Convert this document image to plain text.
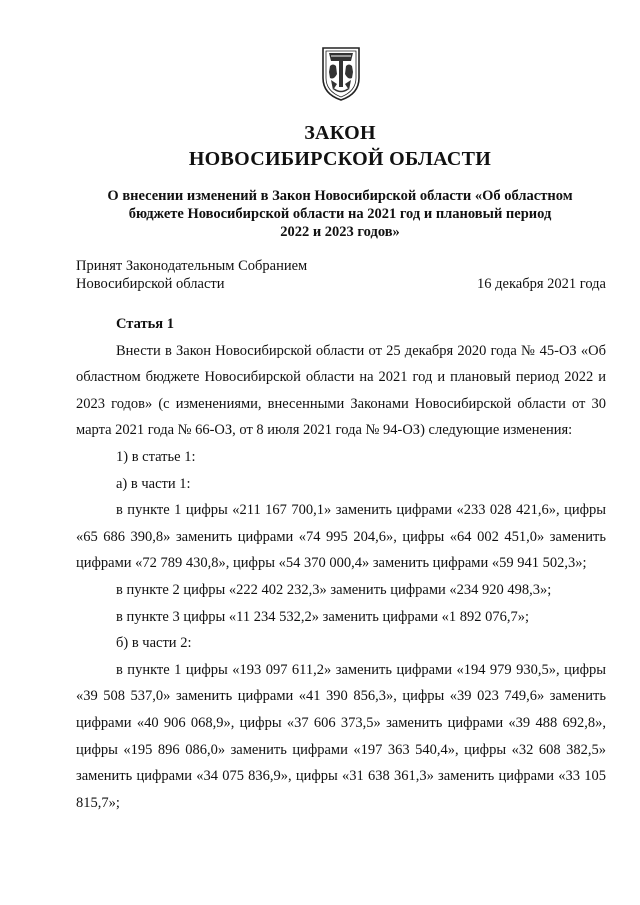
ЗАКОН
НОВОСИБИРСКОЙ ОБЛАСТИ
О внесении изменений в Закон Новосибирской области «Об областном
бюджете Новосибирской области на 2021 год и плановый период
2022 и 2023 годов»
Принят Законодательным Собранием
Новосибирской области	16 декабря 2021 года

Статья 1

Внести в Закон Новосибирской области от 25 декабря 2020 года № 45-ОЗ «Об областном бюджете Новосибирской области на 2021 год и плановый период 2022 и 2023 годов» (с изменениями, внесенными Законами Новосибирской области от 30 марта 2021 года № 66-ОЗ, от 8 июля 2021 года № 94-ОЗ) следующие изменения:

1) в статье 1:

а) в части 1:

в пункте 1 цифры «211 167 700,1» заменить цифрами «233 028 421,6», цифры «65 686 390,8» заменить цифрами «74 995 204,6», цифры «64 002 451,0» заменить цифрами «72 789 430,8», цифры «54 370 000,4» заменить цифрами «59 941 502,3»;

в пункте 2 цифры «222 402 232,3» заменить цифрами «234 920 498,3»;

в пункте 3 цифры «11 234 532,2» заменить цифрами «1 892 076,7»;

б) в части 2:

в пункте 1 цифры «193 097 611,2» заменить цифрами «194 979 930,5», цифры «39 508 537,0» заменить цифрами «41 390 856,3», цифры «39 023 749,6» заменить цифрами «40 906 068,9», цифры «37 606 373,5» заменить цифрами «39 488 692,8», цифры «195 896 086,0» заменить цифрами «197 363 540,4», цифры «32 608 382,5» заменить цифрами «34 075 836,9», цифры «31 638 361,3» заменить цифрами «33 105 815,7»;
